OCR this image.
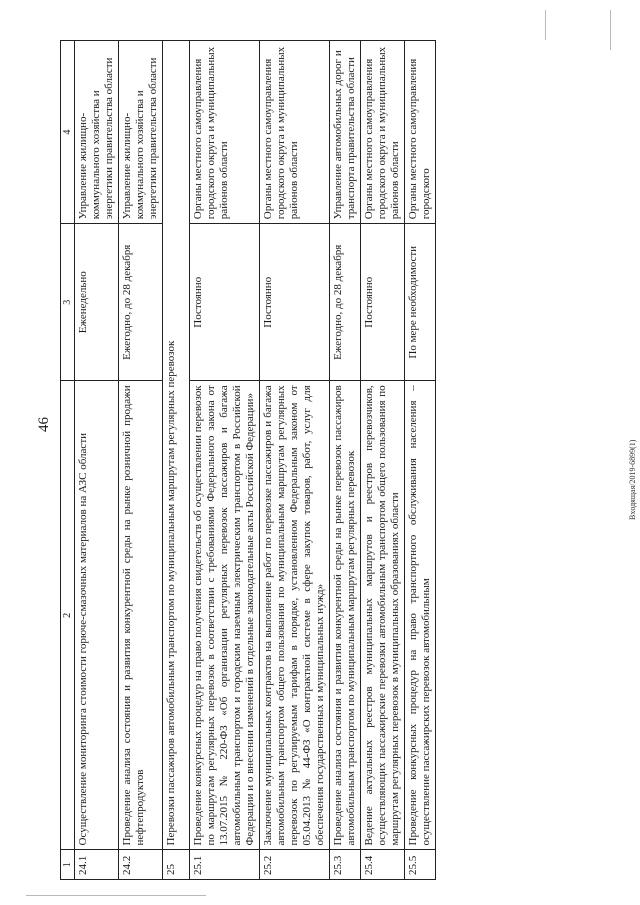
46
Вxодящая/2019-6899(1)
1	2	3	4
24.1	Осуществление мониторинга стоимости горюче-смазочных материалов на АЗС области	Еженедельно	Управление жилищно-коммунального хозяйства и энергетики правительства области
24.2	Проведение анализа состояния и развития конкурентной среды на рынке розничной продажи нефтепродуктов	Ежегодно, до 28 декабря	Управление жилищно-коммунального хозяйства и энергетики правительства области
25	Перевозки пассажиров автомобильным транспортом по муниципальным маршрутам регулярных перевозок		
25.1	Проведение конкурсных процедур на право получения свидетельств об осуществлении перевозок по маршрутам регулярных перевозок в соответствии с требованиями Федерального закона от 13.07.2015 № 220-ФЗ «Об организации регулярных перевозок пассажиров и багажа автомобильным транспортом и городским наземным электрическим транспортом в Российской Федерации и о внесении изменений в отдельные законодательные акты Российской Федерации»	Постоянно	Органы местного самоуправления городского округа и муниципальных районов области
25.2	Заключение муниципальных контрактов на выполнение работ по перевозке пассажиров и багажа автомобильным транспортом общего пользования по муниципальным маршрутам регулярных перевозок по регулируемым тарифам в порядке, установленном Федеральным законом от 05.04.2013 № 44-ФЗ «О контрактной системе в сфере закупок товаров, работ, услуг для обеспечения государственных и муниципальных нужд»	Постоянно	Органы местного самоуправления городского округа и муниципальных районов области
25.3	Проведение анализа состояния и развития конкурентной среды на рынке перевозок пассажиров автомобильным транспортом по муниципальным маршрутам регулярных перевозок	Ежегодно, до 28 декабря	Управление автомобильных дорог и транспорта правительства области
25.4	Ведение актуальных реестров муниципальных маршрутов и реестров перевозчиков, осуществляющих пассажирские перевозки автомобильным транспортом общего пользования по маршрутам регулярных перевозок в муниципальных образованиях области	Постоянно	Органы местного самоуправления городского округа и муниципальных районов области
25.5	Проведение конкурсных процедур на право транспортного обслуживания населения – осуществление пассажирских перевозок автомобильным	По мере необходимости	Органы местного самоуправления городского
